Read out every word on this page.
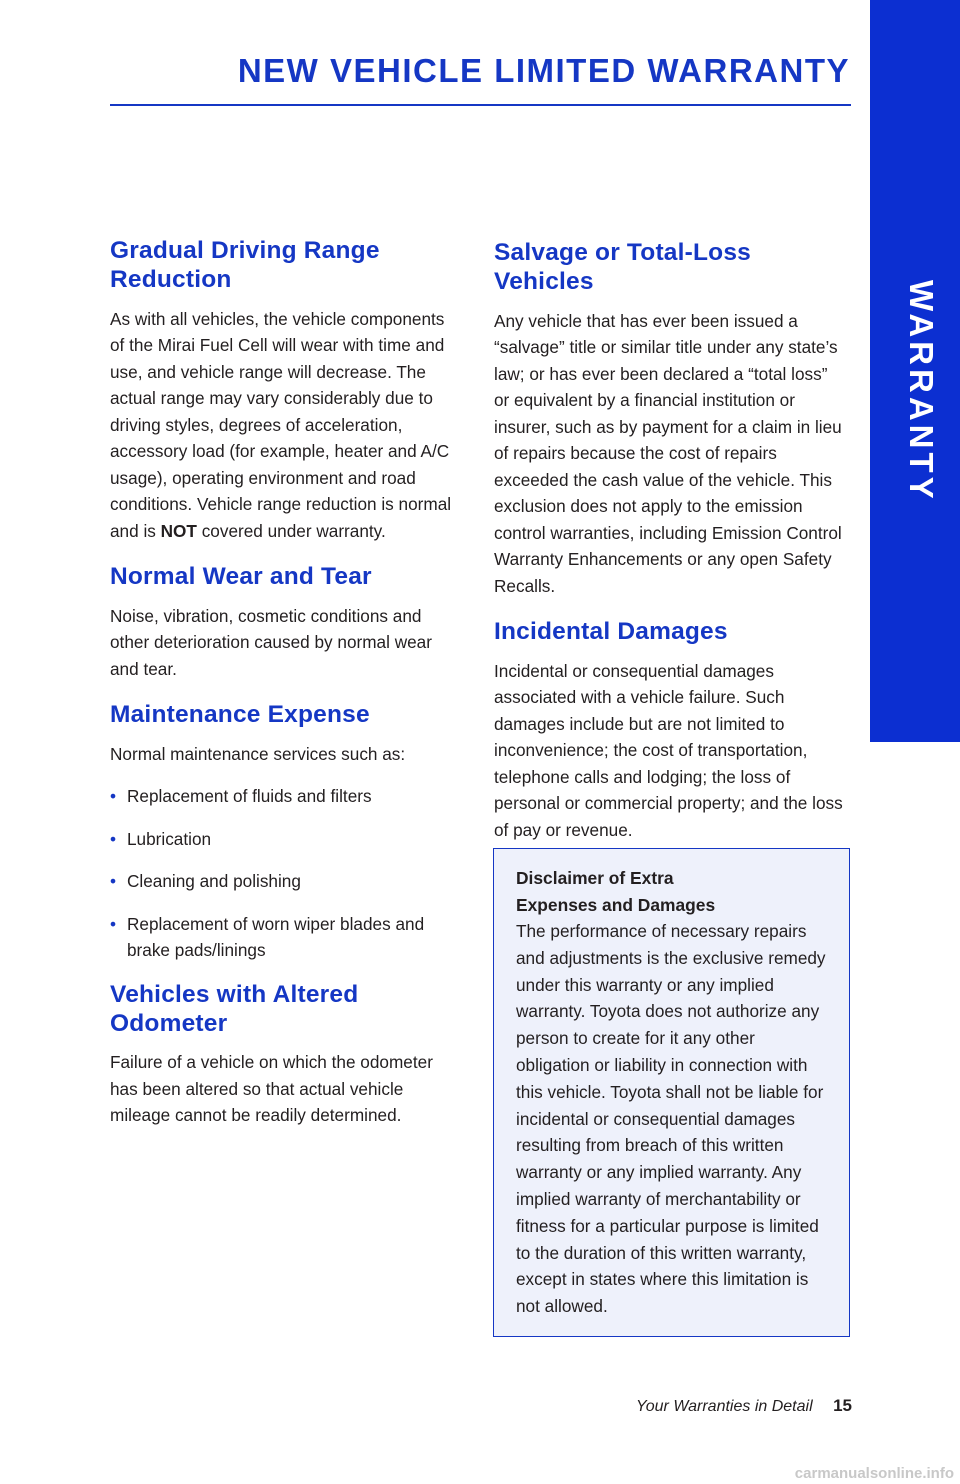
NEW VEHICLE LIMITED WARRANTY
WARRANTY
Gradual Driving Range Reduction

As with all vehicles, the vehicle components of the Mirai Fuel Cell will wear with time and use, and vehicle range will decrease. The actual range may vary considerably due to driving styles, degrees of acceleration, accessory load (for example, heater and A/C usage), operating environment and road conditions. Vehicle range reduction is normal and is NOT covered under warranty.

Normal Wear and Tear

Noise, vibration, cosmetic conditions and other deterioration caused by normal wear and tear.

Maintenance Expense

Normal maintenance services such as:

• Replacement of fluids and filters
• Lubrication
• Cleaning and polishing
• Replacement of worn wiper blades and brake pads/linings
Vehicles with Altered Odometer

Failure of a vehicle on which the odometer has been altered so that actual vehicle mileage cannot be readily determined.

Salvage or Total-Loss Vehicles

Any vehicle that has ever been issued a “salvage” title or similar title under any state’s law; or has ever been declared a “total loss” or equivalent by a financial institution or insurer, such as by payment for a claim in lieu of repairs because the cost of repairs exceeded the cash value of the vehicle. This exclusion does not apply to the emission control warranties, including Emission Control Warranty Enhancements or any open Safety Recalls.

Incidental Damages

Incidental or consequential damages associated with a vehicle failure. Such damages include but are not limited to inconvenience; the cost of transportation, telephone calls and lodging; the loss of personal or commercial property; and the loss of pay or revenue.

Disclaimer of Extra
Expenses and Damages

The performance of necessary repairs and adjustments is the exclusive remedy under this warranty or any implied warranty. Toyota does not authorize any person to create for it any other obligation or liability in connection with this vehicle. Toyota shall not be liable for incidental or consequential damages resulting from breach of this written warranty or any implied warranty. Any implied warranty of merchantability or fitness for a particular purpose is limited to the duration of this written warranty, except in states where this limitation is not allowed.

Your Warranties in Detail 15
carmanualsonline.info
